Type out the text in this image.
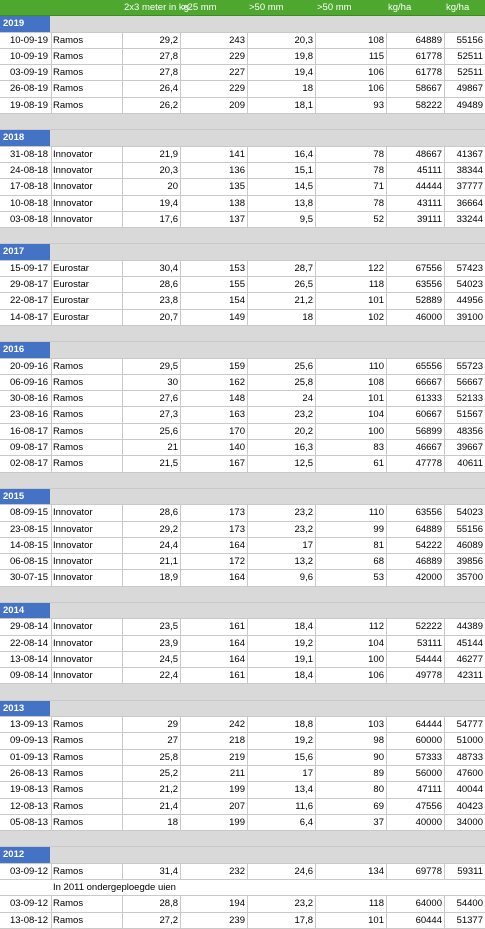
2x3 meter in kg
>25 mm	>50 mm	>50 mm	kg/ha	kg/ha
2019
10-09-19 Ramos	29,2	243	20,3	108	64889	55156
10-09-19 Ramos	27,8	229	19,8	115	61778	52511
03-09-19 Ramos	27,8	227	19,4	106	61778	52511
26-08-19 Ramos	26,4	229	18	106	58667	49867
19-08-19 Ramos	26,2	209	18,1	93	58222	49489
2018
31-08-18 Innovator	21,9	141	16,4	78	48667	41367
24-08-18 Innovator	20,3	136	15,1	78	45111	38344
17-08-18 Innovator	20	135	14,5	71	44444	37777
10-08-18 Innovator	19,4	138	13,8	78	43111	36664
03-08-18 Innovator	17,6	137	9,5	52	39111	33244
2017
15-09-17 Eurostar	30,4	153	28,7	122	67556	57423
29-08-17 Eurostar	28,6	155	26,5	118	63556	54023
22-08-17 Eurostar	23,8	154	21,2	101	52889	44956
14-08-17 Eurostar	20,7	149	18	102	46000	39100
2016
20-09-16 Ramos	29,5	159	25,6	110	65556	55723
06-09-16 Ramos	30	162	25,8	108	66667	56667
30-08-16 Ramos	27,6	148	24	101	61333	52133
23-08-16 Ramos	27,3	163	23,2	104	60667	51567
16-08-17 Ramos	25,6	170	20,2	100	56899	48356
09-08-17 Ramos	21	140	16,3	83	46667	39667
02-08-17 Ramos	21,5	167	12,5	61	47778	40611
2015
08-09-15 Innovator	28,6	173	23,2	110	63556	54023
23-08-15 Innovator	29,2	173	23,2	99	64889	55156
14-08-15 Innovator	24,4	164	17	81	54222	46089
06-08-15 Innovator	21,1	172	13,2	68	46889	39856
30-07-15 Innovator	18,9	164	9,6	53	42000	35700
2014
29-08-14 Innovator	23,5	161	18,4	112	52222	44389
22-08-14 Innovator	23,9	164	19,2	104	53111	45144
13-08-14 Innovator	24,5	164	19,1	100	54444	46277
09-08-14 Innovator	22,4	161	18,4	106	49778	42311
2013
13-09-13 Ramos	29	242	18,8	103	64444	54777
09-09-13 Ramos	27	218	19,2	98	60000	51000
01-09-13 Ramos	25,8	219	15,6	90	57333	48733
26-08-13 Ramos	25,2	211	17	89	56000	47600
19-08-13 Ramos	21,2	199	13,4	80	47111	40044
12-08-13 Ramos	21,4	207	11,6	69	47556	40423
05-08-13 Ramos	18	199	6,4	37	40000	34000
2012
03-09-12 Ramos	31,4	232	24,6	134	69778	59311
In 2011 ondergeploegde uien
03-09-12 Ramos	28,8	194	23,2	118	64000	54400
13-08-12 Ramos	27,2	239	17,8	101	60444	51377
